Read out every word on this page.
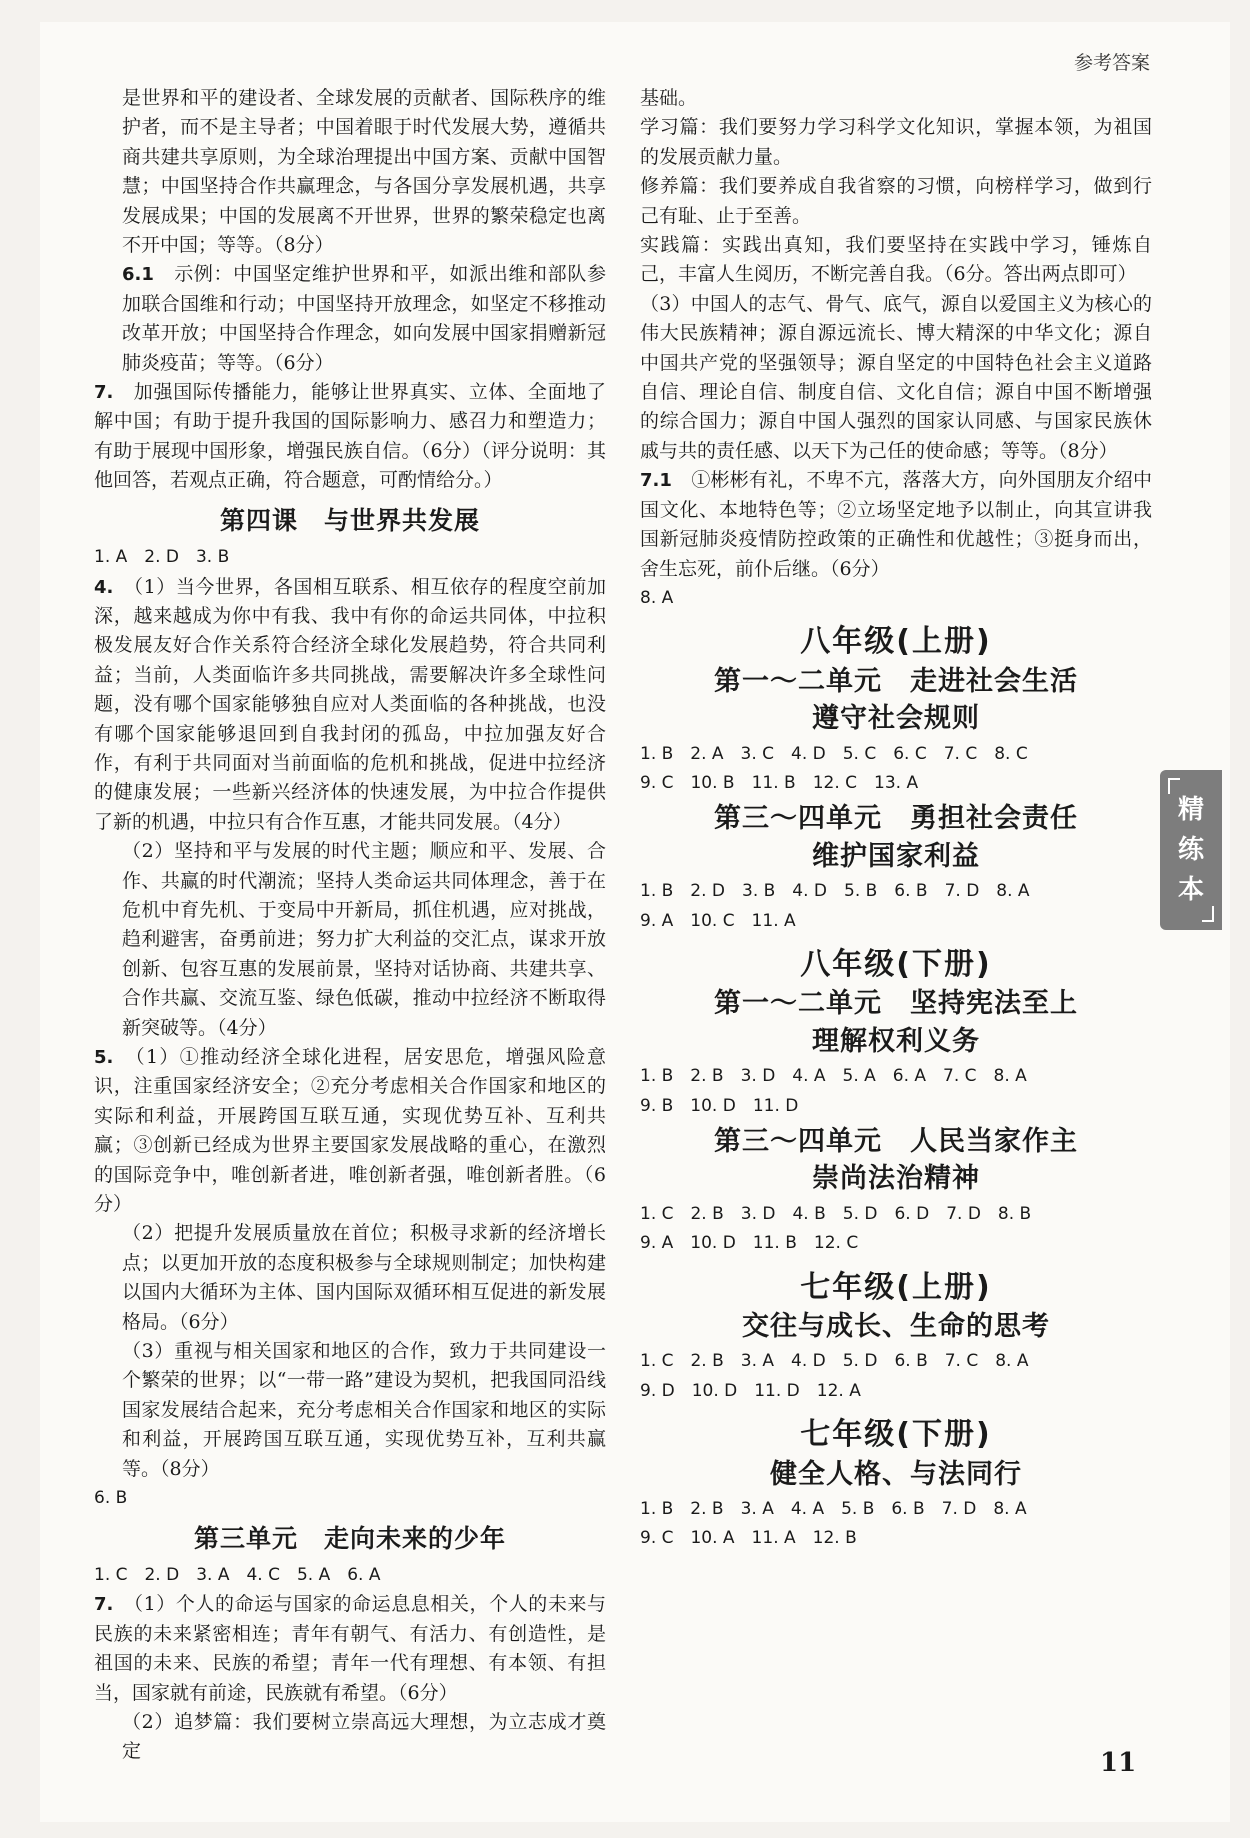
参考答案

是世界和平的建设者、全球发展的贡献者、国际秩序的维护者，而不是主导者；中国着眼于时代发展大势，遵循共商共建共享原则，为全球治理提出中国方案、贡献中国智慧；中国坚持合作共赢理念，与各国分享发展机遇，共享发展成果；中国的发展离不开世界，世界的繁荣稳定也离不开中国；等等。（8分）

6.1　 示例：中国坚定维护世界和平，如派出维和部队参加联合国维和行动；中国坚持开放理念，如坚定不移推动改革开放；中国坚持合作理念，如向发展中国家捐赠新冠肺炎疫苗；等等。（6分）

7.　 加强国际传播能力，能够让世界真实、立体、全面地了解中国；有助于提升我国的国际影响力、感召力和塑造力；有助于展现中国形象，增强民族自信。（6分）（评分说明：其他回答，若观点正确，符合题意，可酌情给分。）

第四课　与世界共发展

1. A　2. D　3. B

4.　 （1）当今世界，各国相互联系、相互依存的程度空前加深，越来越成为你中有我、我中有你的命运共同体，中拉积极发展友好合作关系符合经济全球化发展趋势，符合共同利益；当前，人类面临许多共同挑战，需要解决许多全球性问题，没有哪个国家能够独自应对人类面临的各种挑战，也没有哪个国家能够退回到自我封闭的孤岛，中拉加强友好合作，有利于共同面对当前面临的危机和挑战，促进中拉经济的健康发展；一些新兴经济体的快速发展，为中拉合作提供了新的机遇，中拉只有合作互惠，才能共同发展。（4分）

（2）坚持和平与发展的时代主题；顺应和平、发展、合作、共赢的时代潮流；坚持人类命运共同体理念，善于在危机中育先机、于变局中开新局，抓住机遇，应对挑战，趋利避害，奋勇前进；努力扩大利益的交汇点，谋求开放创新、包容互惠的发展前景，坚持对话协商、共建共享、合作共赢、交流互鉴、绿色低碳，推动中拉经济不断取得新突破等。（4分）

5.　 （1）①推动经济全球化进程，居安思危，增强风险意识，注重国家经济安全；②充分考虑相关合作国家和地区的实际和利益，开展跨国互联互通，实现优势互补、互利共赢；③创新已经成为世界主要国家发展战略的重心，在激烈的国际竞争中，唯创新者进，唯创新者强，唯创新者胜。（6分）

（2）把提升发展质量放在首位；积极寻求新的经济增长点；以更加开放的态度积极参与全球规则制定；加快构建以国内大循环为主体、国内国际双循环相互促进的新发展格局。（6分）

（3）重视与相关国家和地区的合作，致力于共同建设一个繁荣的世界；以“一带一路”建设为契机，把我国同沿线国家发展结合起来，充分考虑相关合作国家和地区的实际和利益，开展跨国互联互通，实现优势互补，互利共赢等。（8分）

6. B

第三单元　走向未来的少年

1. C　2. D　3. A　4. C　5. A　6. A

7.　 （1）个人的命运与国家的命运息息相关，个人的未来与民族的未来紧密相连；青年有朝气、有活力、有创造性，是祖国的未来、民族的希望；青年一代有理想、有本领、有担当，国家就有前途，民族就有希望。（6分）

（2）追梦篇：我们要树立崇高远大理想，为立志成才奠定

基础。

学习篇：我们要努力学习科学文化知识，掌握本领，为祖国的发展贡献力量。

修养篇：我们要养成自我省察的习惯，向榜样学习，做到行己有耻、止于至善。

实践篇：实践出真知，我们要坚持在实践中学习，锤炼自己，丰富人生阅历，不断完善自我。（6分。答出两点即可）

（3）中国人的志气、骨气、底气，源自以爱国主义为核心的伟大民族精神；源自源远流长、博大精深的中华文化；源自中国共产党的坚强领导；源自坚定的中国特色社会主义道路自信、理论自信、制度自信、文化自信；源自中国不断增强的综合国力；源自中国人强烈的国家认同感、与国家民族休戚与共的责任感、以天下为己任的使命感；等等。（8分）

7.1　 ①彬彬有礼，不卑不亢，落落大方，向外国朋友介绍中国文化、本地特色等；②立场坚定地予以制止，向其宣讲我国新冠肺炎疫情防控政策的正确性和优越性；③挺身而出，舍生忘死，前仆后继。（6分）

8. A

八年级(上册)
第一～二单元　走进社会生活
遵守社会规则

1. B　2. A　3. C　4. D　5. C　6. C　7. C　8. C

9. C　10. B　11. B　12. C　13. A

第三～四单元　勇担社会责任
维护国家利益

1. B　2. D　3. B　4. D　5. B　6. B　7. D　8. A

9. A　10. C　11. A

八年级(下册)
第一～二单元　坚持宪法至上
理解权利义务

1. B　2. B　3. D　4. A　5. A　6. A　7. C　8. A

9. B　10. D　11. D

第三～四单元　人民当家作主
崇尚法治精神

1. C　2. B　3. D　4. B　5. D　6. D　7. D　8. B

9. A　10. D　11. B　12. C

七年级(上册)
交往与成长、生命的思考

1. C　2. B　3. A　4. D　5. D　6. B　7. C　8. A

9. D　10. D　11. D　12. A

七年级(下册)
健全人格、与法同行

1. B　2. B　3. A　4. A　5. B　6. B　7. D　8. A

9. C　10. A　11. A　12. B

精
练
本
11
